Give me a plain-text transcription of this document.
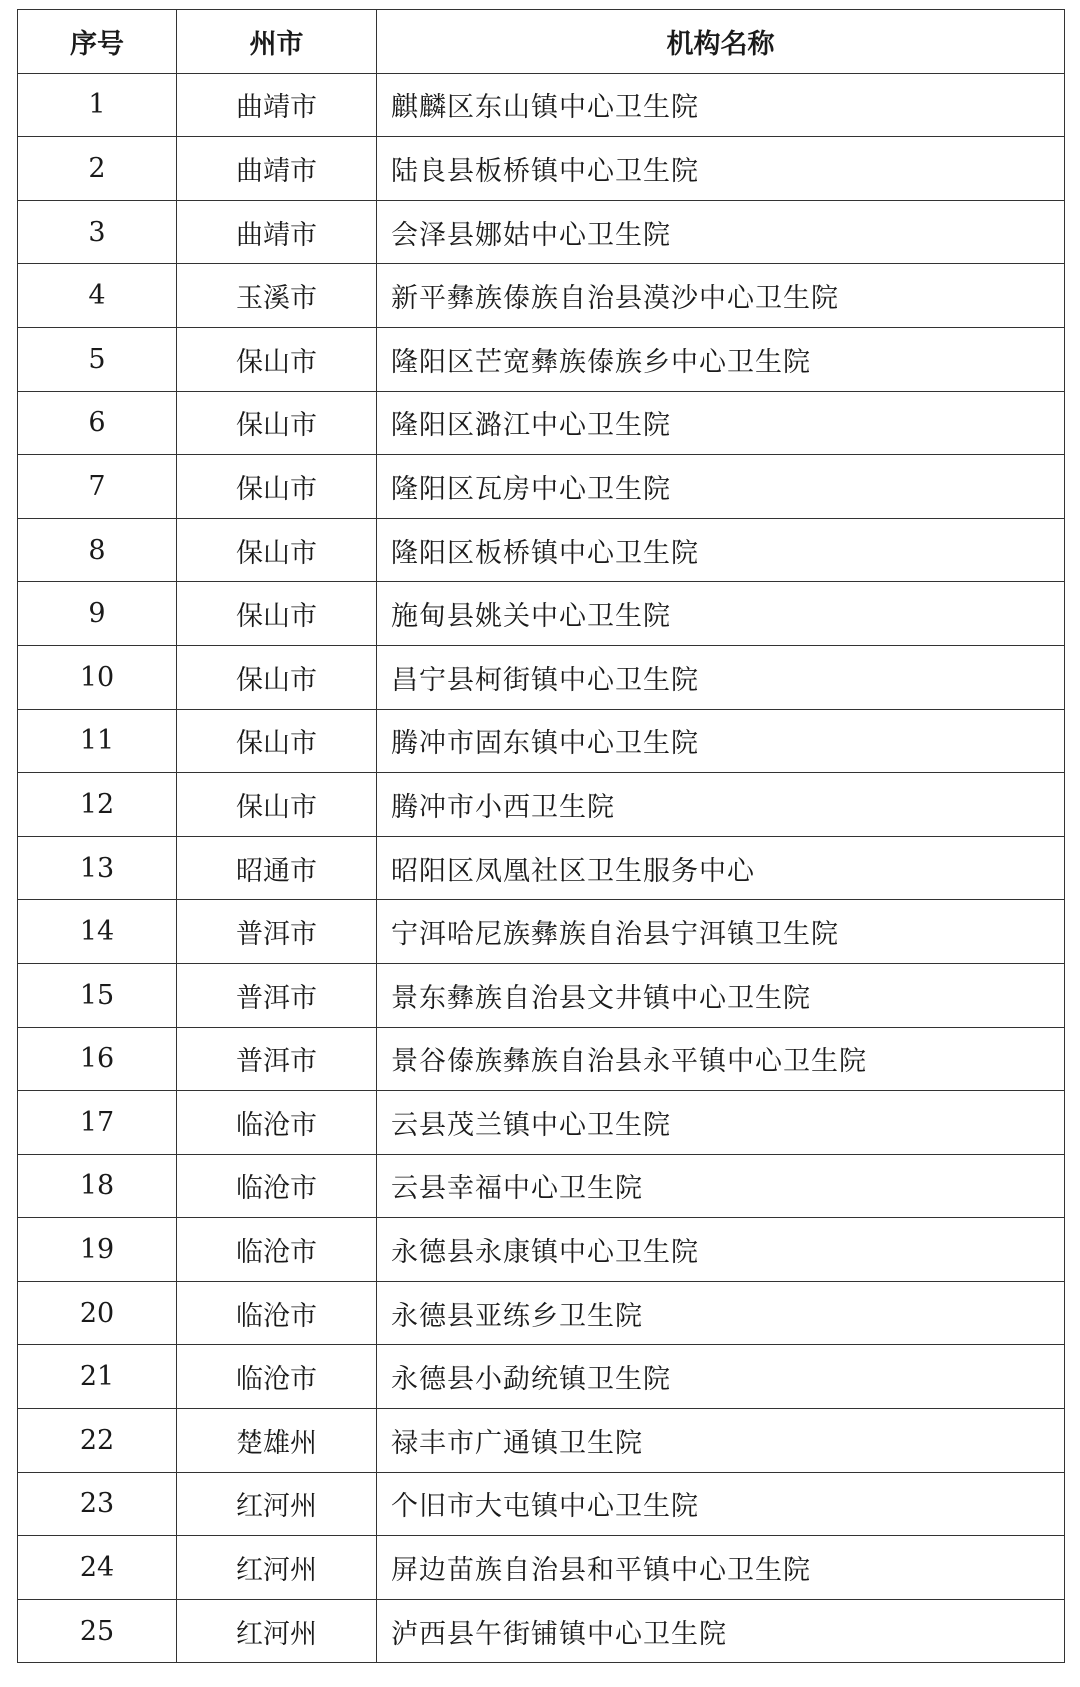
序号	州市	机构名称
1	曲靖市	麒麟区东山镇中心卫生院
2	曲靖市	陆良县板桥镇中心卫生院
3	曲靖市	会泽县娜姑中心卫生院
4	玉溪市	新平彝族傣族自治县漠沙中心卫生院
5	保山市	隆阳区芒宽彝族傣族乡中心卫生院
6	保山市	隆阳区潞江中心卫生院
7	保山市	隆阳区瓦房中心卫生院
8	保山市	隆阳区板桥镇中心卫生院
9	保山市	施甸县姚关中心卫生院
10	保山市	昌宁县柯街镇中心卫生院
11	保山市	腾冲市固东镇中心卫生院
12	保山市	腾冲市小西卫生院
13	昭通市	昭阳区凤凰社区卫生服务中心
14	普洱市	宁洱哈尼族彝族自治县宁洱镇卫生院
15	普洱市	景东彝族自治县文井镇中心卫生院
16	普洱市	景谷傣族彝族自治县永平镇中心卫生院
17	临沧市	云县茂兰镇中心卫生院
18	临沧市	云县幸福中心卫生院
19	临沧市	永德县永康镇中心卫生院
20	临沧市	永德县亚练乡卫生院
21	临沧市	永德县小勐统镇卫生院
22	楚雄州	禄丰市广通镇卫生院
23	红河州	个旧市大屯镇中心卫生院
24	红河州	屏边苗族自治县和平镇中心卫生院
25	红河州	泸西县午街铺镇中心卫生院
